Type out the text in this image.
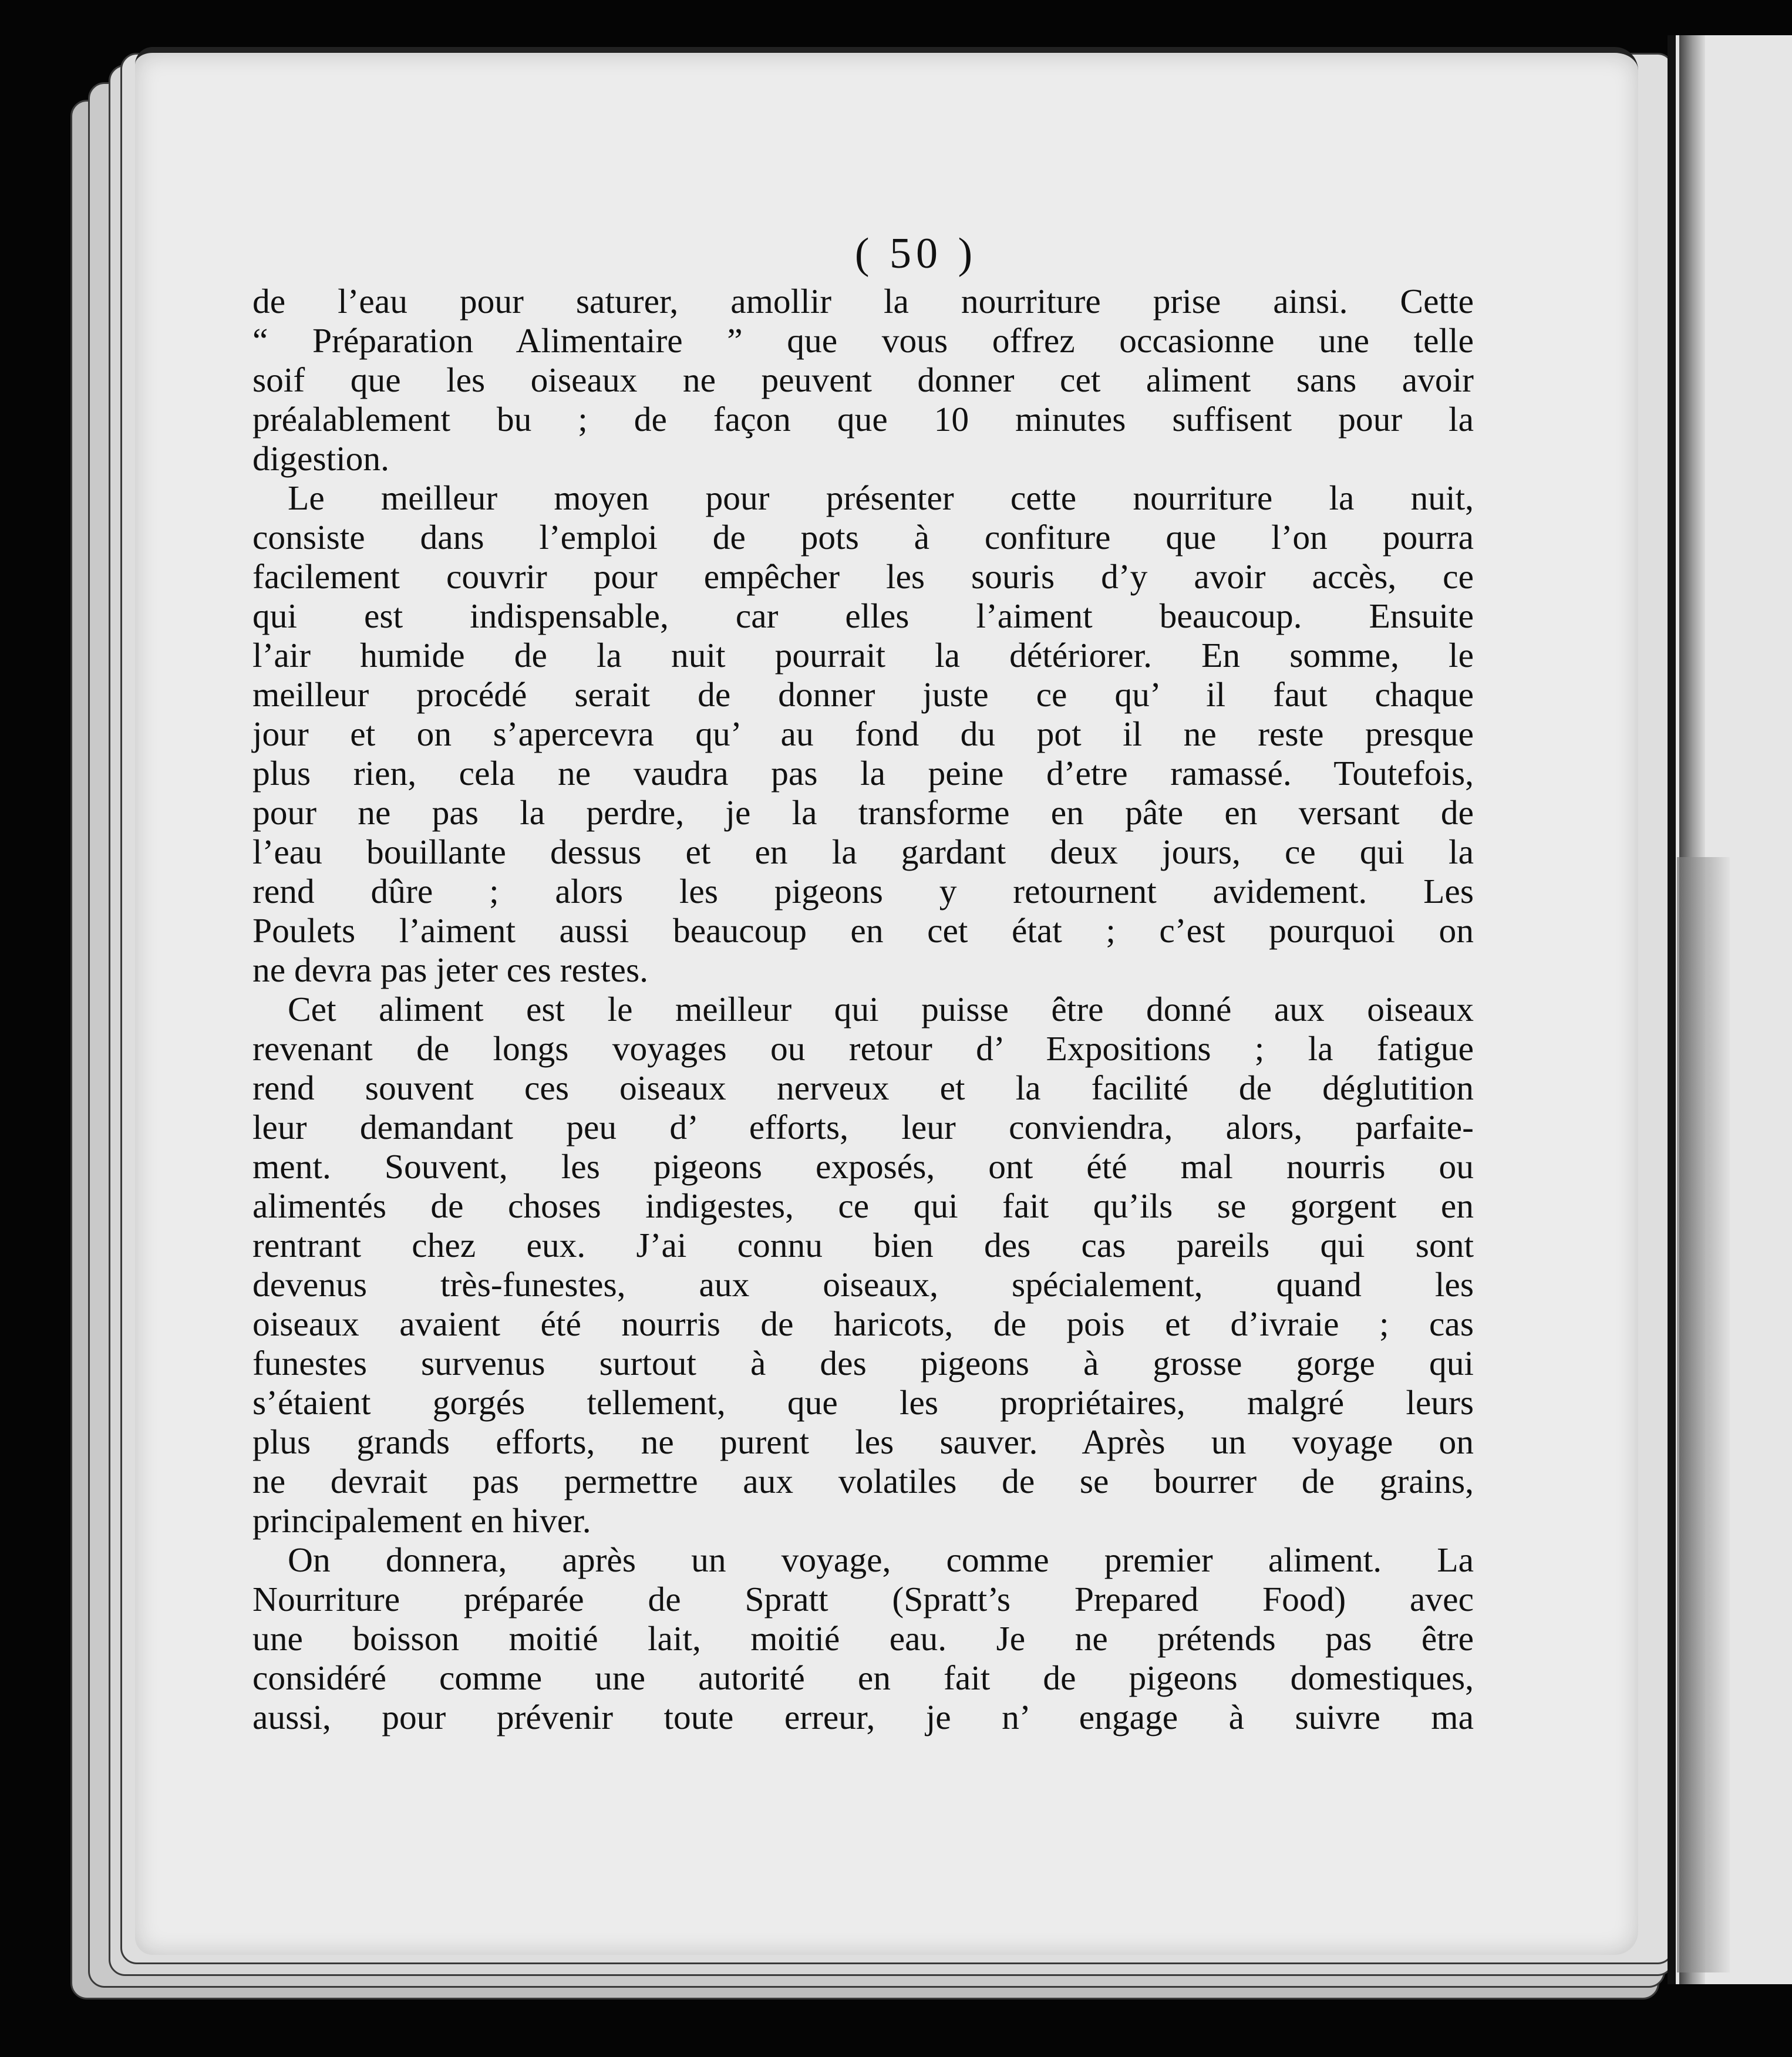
( 50 )
de l’eau pour saturer, amollir la nourriture prise ainsi. Cette
“ Préparation Alimentaire ” que vous offrez occasionne une telle
soif que les oiseaux ne peuvent donner cet aliment sans avoir
préalablement bu ; de façon que 10 minutes suffisent pour la
digestion.
Le meilleur moyen pour présenter cette nourriture la nuit,
consiste dans l’emploi de pots à confiture que l’on pourra
facilement couvrir pour empêcher les souris d’y avoir accès, ce
qui est indispensable, car elles l’aiment beaucoup. Ensuite
l’air humide de la nuit pourrait la détériorer. En somme, le
meilleur procédé serait de donner juste ce qu’ il faut chaque
jour et on s’apercevra qu’ au fond du pot il ne reste presque
plus rien, cela ne vaudra pas la peine d’etre ramassé. Toutefois,
pour ne pas la perdre, je la transforme en pâte en versant de
l’eau bouillante dessus et en la gardant deux jours, ce qui la
rend dûre ; alors les pigeons y retournent avidement. Les
Poulets l’aiment aussi beaucoup en cet état ; c’est pourquoi on
ne devra pas jeter ces restes.
Cet aliment est le meilleur qui puisse être donné aux oiseaux
revenant de longs voyages ou retour d’ Expositions ; la fatigue
rend souvent ces oiseaux nerveux et la facilité de déglutition
leur demandant peu d’ efforts, leur conviendra, alors, parfaite-
ment. Souvent, les pigeons exposés, ont été mal nourris ou
alimentés de choses indigestes, ce qui fait qu’ils se gorgent en
rentrant chez eux. J’ai connu bien des cas pareils qui sont
devenus très-funestes, aux oiseaux, spécialement, quand les
oiseaux avaient été nourris de haricots, de pois et d’ivraie ; cas
funestes survenus surtout à des pigeons à grosse gorge qui
s’étaient gorgés tellement, que les propriétaires, malgré leurs
plus grands efforts, ne purent les sauver. Après un voyage on
ne devrait pas permettre aux volatiles de se bourrer de grains,
principalement en hiver.
On donnera, après un voyage, comme premier aliment. La
Nourriture préparée de Spratt (Spratt’s Prepared Food) avec
une boisson moitié lait, moitié eau. Je ne prétends pas être
considéré comme une autorité en fait de pigeons domestiques,
aussi, pour prévenir toute erreur, je n’ engage à suivre ma
